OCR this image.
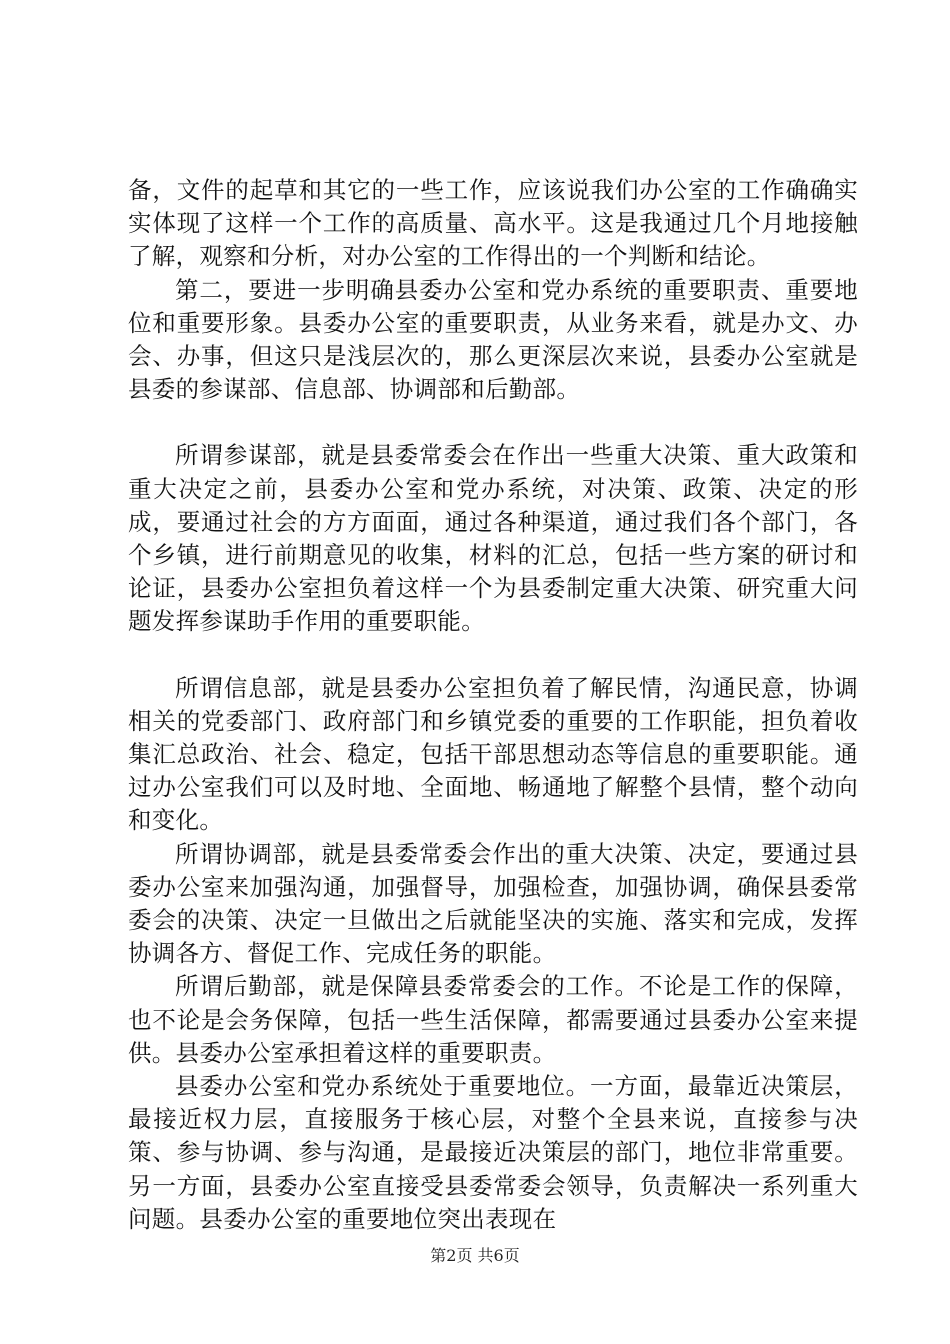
备，文件的起草和其它的一些工作，应该说我们办公室的工作确确实实体现了这样一个工作的高质量、高水平。这是我通过几个月地接触了解，观察和分析，对办公室的工作得出的一个判断和结论。

第二，要进一步明确县委办公室和党办系统的重要职责、重要地位和重要形象。县委办公室的重要职责，从业务来看，就是办文、办会、办事，但这只是浅层次的，那么更深层次来说，县委办公室就是县委的参谋部、信息部、协调部和后勤部。

所谓参谋部，就是县委常委会在作出一些重大决策、重大政策和重大决定之前，县委办公室和党办系统，对决策、政策、决定的形成，要通过社会的方方面面，通过各种渠道，通过我们各个部门，各个乡镇，进行前期意见的收集，材料的汇总，包括一些方案的研讨和论证，县委办公室担负着这样一个为县委制定重大决策、研究重大问题发挥参谋助手作用的重要职能。

所谓信息部，就是县委办公室担负着了解民情，沟通民意，协调相关的党委部门、政府部门和乡镇党委的重要的工作职能，担负着收集汇总政治、社会、稳定，包括干部思想动态等信息的重要职能。通过办公室我们可以及时地、全面地、畅通地了解整个县情，整个动向和变化。

所谓协调部，就是县委常委会作出的重大决策、决定，要通过县委办公室来加强沟通，加强督导，加强检查，加强协调，确保县委常委会的决策、决定一旦做出之后就能坚决的实施、落实和完成，发挥协调各方、督促工作、完成任务的职能。

所谓后勤部，就是保障县委常委会的工作。不论是工作的保障，也不论是会务保障，包括一些生活保障，都需要通过县委办公室来提供。县委办公室承担着这样的重要职责。

县委办公室和党办系统处于重要地位。一方面，最靠近决策层，最接近权力层，直接服务于核心层，对整个全县来说，直接参与决策、参与协调、参与沟通，是最接近决策层的部门，地位非常重要。另一方面，县委办公室直接受县委常委会领导，负责解决一系列重大问题。县委办公室的重要地位突出表现在

第2页 共6页
